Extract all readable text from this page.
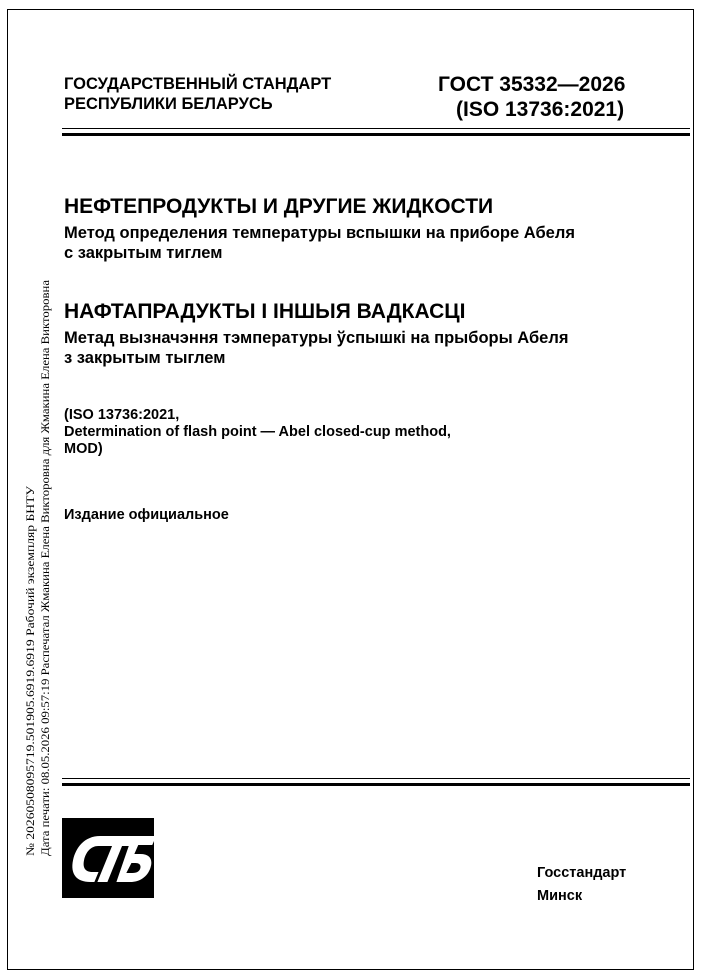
ГОСУДАРСТВЕННЫЙ СТАНДАРТ
РЕСПУБЛИКИ БЕЛАРУСЬ
ГОСТ 35332—2026
(ISO 13736:2021)
НЕФТЕПРОДУКТЫ И ДРУГИЕ ЖИДКОСТИ
Метод определения температуры вспышки на приборе Абеля
с закрытым тиглем
НАФТАПРАДУКТЫ І ІНШЫЯ ВАДКАСЦІ
Метад вызначэння тэмпературы ўспышкі на прыборы Абеля
з закрытым тыглем
(ISO 13736:2021,
Determination of flash point — Abel closed-cup method,
MOD)
Издание официальное
№ 20260508095719.501905.6919.6919 Рабочий экземпляр БНТУ Дата печати: 08.05.2026 09:57:19 Распечатал Жмакина Елена Викторовна для Жмакина Елена Викторовна
Госстандарт
Минск
